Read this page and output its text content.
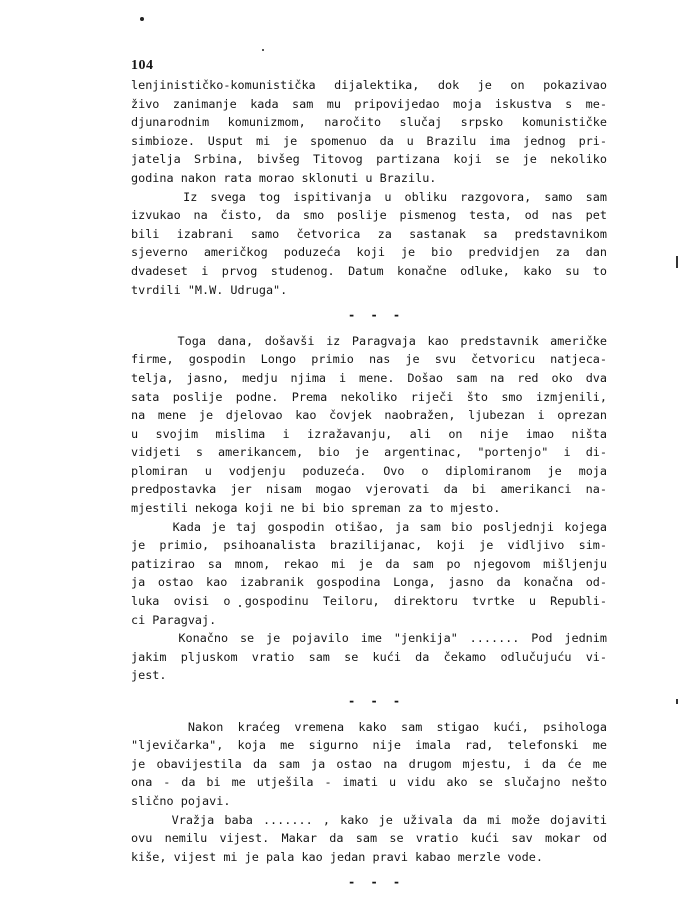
104
lenjinističko-komunistička dijalektika, dok je on pokazivao
živo zanimanje kada sam mu pripovijedao moja iskustva s me-
djunarodnim komunizmom, naročito slučaj srpsko komunističke
simbioze. Usput mi je spomenuo da u Brazilu ima jednog pri-
jatelja Srbina, bivšeg Titovog partizana koji se je nekoliko
godina nakon rata morao sklonuti u Brazilu.
Iz svega tog ispitivanja u obliku razgovora, samo sam
izvukao na čisto, da smo poslije pismenog testa, od nas pet
bili izabrani samo četvorica za sastanak sa predstavnikom
sjeverno američkog poduzeća koji je bio predvidjen za dan
dvadeset i prvog studenog. Datum konačne odluke, kako su to
tvrdili "M.W. Udruga".
- - -
Toga dana, došavši iz Paragvaja kao predstavnik američke
firme, gospodin Longo primio nas je svu četvoricu natjeca-
telja, jasno, medju njima i mene. Došao sam na red oko dva
sata poslije podne. Prema nekoliko riječi što smo izmjenili,
na mene je djelovao kao čovjek naobražen, ljubezan i oprezan
u svojim mislima i izražavanju, ali on nije imao ništa
vidjeti s amerikancem, bio je argentinac, "portenjo" i di-
plomiran u vodjenju poduzeća. Ovo o diplomiranom je moja
predpostavka jer nisam mogao vjerovati da bi amerikanci na-
mjestili nekoga koji ne bi bio spreman za to mjesto.
Kada je taj gospodin otišao, ja sam bio posljednji kojega
je primio, psihoanalista brazilijanac, koji je vidljivo sim-
patizirao sa mnom, rekao mi je da sam po njegovom mišljenju
ja ostao kao izabranik gospodina Longa, jasno da konačna od-
luka ovisi o gospodinu Teiloru, direktoru tvrtke u Republi-
ci Paragvaj.
Konačno se je pojavilo ime "jenkija" ....... Pod jednim
jakim pljuskom vratio sam se kući da čekamo odlučujuću vi-
jest.
- - -
Nakon kraćeg vremena kako sam stigao kući, psihologa
"ljevičarka", koja me sigurno nije imala rad, telefonski me
je obavijestila da sam ja ostao na drugom mjestu, i da će me
ona - da bi me utješila - imati u vidu ako se slučajno nešto
slično pojavi.
Vražja baba ....... , kako je uživala da mi može dojaviti
ovu nemilu vijest. Makar da sam se vratio kući sav mokar od
kiše, vijest mi je pala kao jedan pravi kabao merzle vode.
- - -
